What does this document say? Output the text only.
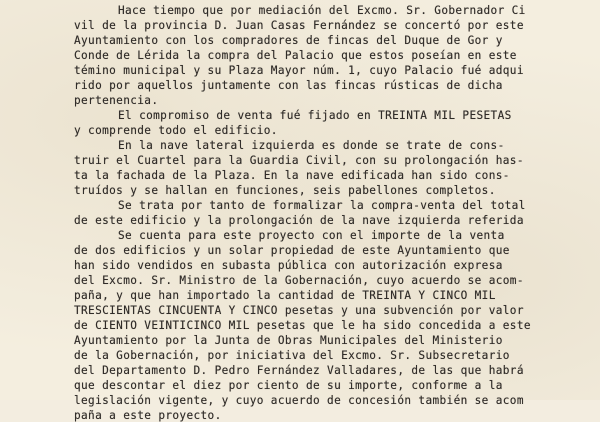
Hace tiempo que por mediación del Excmo. Sr. Gobernador Ci
vil de la provincia D. Juan Casas Fernández se concertó por este
Ayuntamiento con los compradores de fincas del Duque de Gor y
Conde de Lérida la compra del Palacio que estos poseían en este
témino municipal y su Plaza Mayor núm. 1, cuyo Palacio fué adqui
rido por aquellos juntamente con las fincas rústicas de dicha
pertenencia.
El compromiso de venta fué fijado en TREINTA MIL PESETAS
y comprende todo el edificio.
En la nave lateral izquierda es donde se trate de cons-
truir el Cuartel para la Guardia Civil, con su prolongación has-
ta la fachada de la Plaza. En la nave edificada han sido cons-
truídos y se hallan en funciones, seis pabellones completos.
Se trata por tanto de formalizar la compra-venta del total
de este edificio y la prolongación de la nave izquierda referida
Se cuenta para este proyecto con el importe de la venta
de dos edificios y un solar propiedad de este Ayuntamiento que
han sido vendidos en subasta pública con autorización expresa
del Excmo. Sr. Ministro de la Gobernación, cuyo acuerdo se acom-
paña, y que han importado la cantidad de TREINTA Y CINCO MIL
TRESCIENTAS CINCUENTA Y CINCO pesetas y una subvención por valor
de CIENTO VEINTICINCO MIL pesetas que le ha sido concedida a este
Ayuntamiento por la Junta de Obras Municipales del Ministerio
de la Gobernación, por iniciativa del Excmo. Sr. Subsecretario
del Departamento D. Pedro Fernández Valladares, de las que habrá
que descontar el diez por ciento de su importe, conforme a la
legislación vigente, y cuyo acuerdo de concesión también se acom
paña a este proyecto.
